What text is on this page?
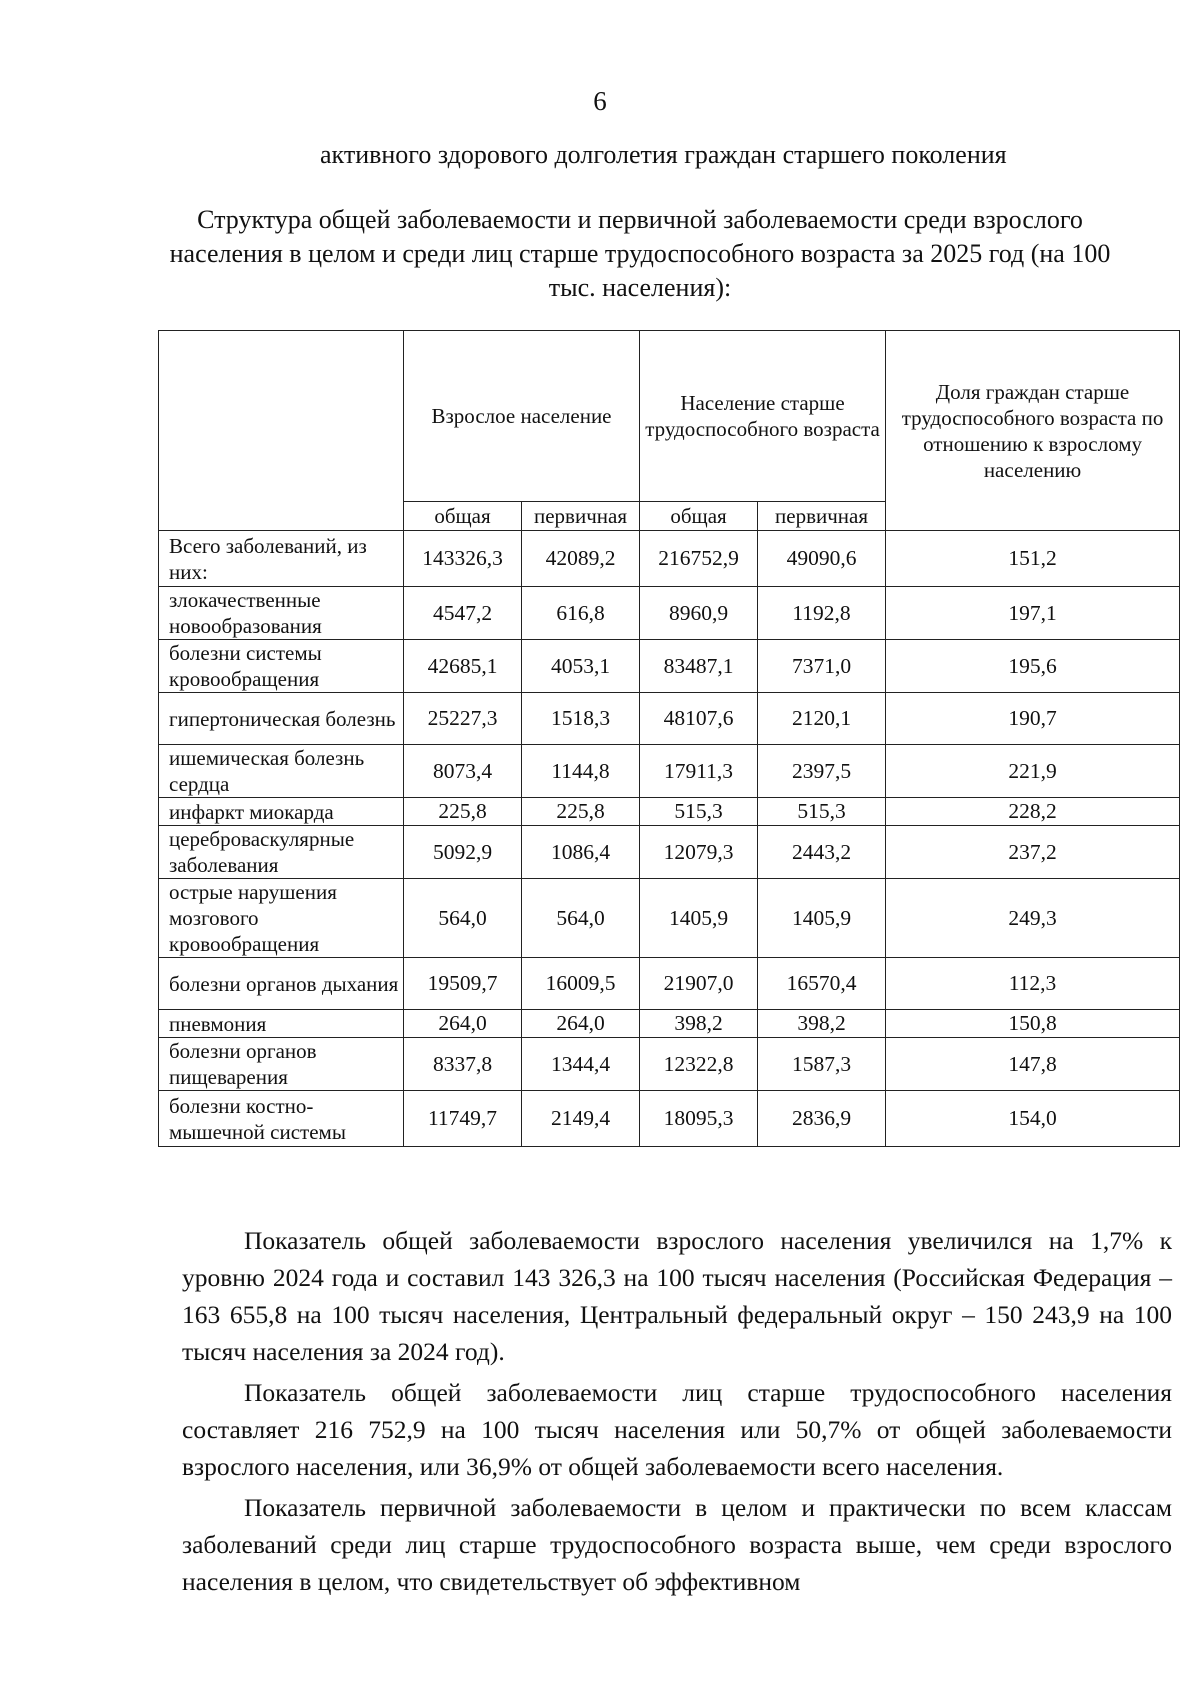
6
активного здорового долголетия граждан старшего поколения
Структура общей заболеваемости и первичной заболеваемости среди взрослого населения в целом и среди лиц старше трудоспособного возраста за 2025 год (на 100 тыс. населения):
	Взрослое население		Население старше трудоспособного возраста		Доля граждан старше трудоспособного возраста по отношению к взрослому населению
	общая	первичная	общая	первичная	
Всего заболеваний, из них:	143326,3	42089,2	216752,9	49090,6	151,2
злокачественные новообразования	4547,2	616,8	8960,9	1192,8	197,1
болезни системы кровообращения	42685,1	4053,1	83487,1	7371,0	195,6
гипертоническая болезнь	25227,3	1518,3	48107,6	2120,1	190,7
ишемическая болезнь сердца	8073,4	1144,8	17911,3	2397,5	221,9
инфаркт миокарда	225,8	225,8	515,3	515,3	228,2
цереброваскулярные заболевания	5092,9	1086,4	12079,3	2443,2	237,2
острые нарушения мозгового кровообращения	564,0	564,0	1405,9	1405,9	249,3
болезни органов дыхания	19509,7	16009,5	21907,0	16570,4	112,3
пневмония	264,0	264,0	398,2	398,2	150,8
болезни органов пищеварения	8337,8	1344,4	12322,8	1587,3	147,8
болезни костно-мышечной системы	11749,7	2149,4	18095,3	2836,9	154,0

Показатель общей заболеваемости взрослого населения увеличился на 1,7% к уровню 2024 года и составил 143 326,3 на 100 тысяч населения (Российская Федерация – 163 655,8 на 100 тысяч населения, Центральный федеральный округ – 150 243,9 на 100 тысяч населения за 2024 год).

Показатель общей заболеваемости лиц старше трудоспособного населения составляет 216 752,9 на 100 тысяч населения или 50,7% от общей заболеваемости взрослого населения, или 36,9% от общей заболеваемости всего населения.

Показатель первичной заболеваемости в целом и практически по всем классам заболеваний среди лиц старше трудоспособного возраста выше, чем среди взрослого населения в целом, что свидетельствует об эффективном
